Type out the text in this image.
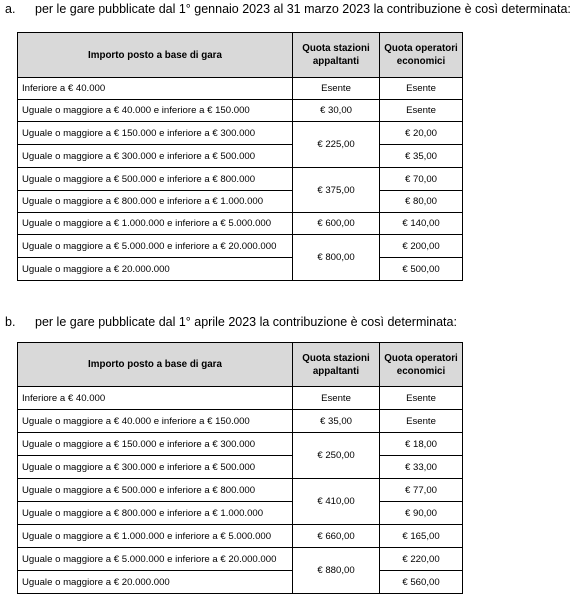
a. per le gare pubblicate dal 1° gennaio 2023 al 31 marzo 2023 la contribuzione è così determinata:
Importo posto a base di gara	Quota stazioni appaltanti	Quota operatori economici
Inferiore a € 40.000	Esente	Esente
Uguale o maggiore a € 40.000 e inferiore a € 150.000	€ 30,00	Esente
Uguale o maggiore a € 150.000 e inferiore a € 300.000	€ 225,00	€ 20,00
Uguale o maggiore a € 300.000 e inferiore a € 500.000		€ 35,00
Uguale o maggiore a € 500.000 e inferiore a € 800.000	€ 375,00	€ 70,00
Uguale o maggiore a € 800.000 e inferiore a € 1.000.000		€ 80,00
Uguale o maggiore a € 1.000.000 e inferiore a € 5.000.000	€ 600,00	€ 140,00
Uguale o maggiore a € 5.000.000 e inferiore a € 20.000.000	€ 800,00	€ 200,00
Uguale o maggiore a € 20.000.000		€ 500,00
b. per le gare pubblicate dal 1° aprile 2023 la contribuzione è così determinata:
Importo posto a base di gara	Quota stazioni appaltanti	Quota operatori economici
Inferiore a € 40.000	Esente	Esente
Uguale o maggiore a € 40.000 e inferiore a € 150.000	€ 35,00	Esente
Uguale o maggiore a € 150.000 e inferiore a € 300.000	€ 250,00	€ 18,00
Uguale o maggiore a € 300.000 e inferiore a € 500.000		€ 33,00
Uguale o maggiore a € 500.000 e inferiore a € 800.000	€ 410,00	€ 77,00
Uguale o maggiore a € 800.000 e inferiore a € 1.000.000		€ 90,00
Uguale o maggiore a € 1.000.000 e inferiore a € 5.000.000	€ 660,00	€ 165,00
Uguale o maggiore a € 5.000.000 e inferiore a € 20.000.000	€ 880,00	€ 220,00
Uguale o maggiore a € 20.000.000		€ 560,00
